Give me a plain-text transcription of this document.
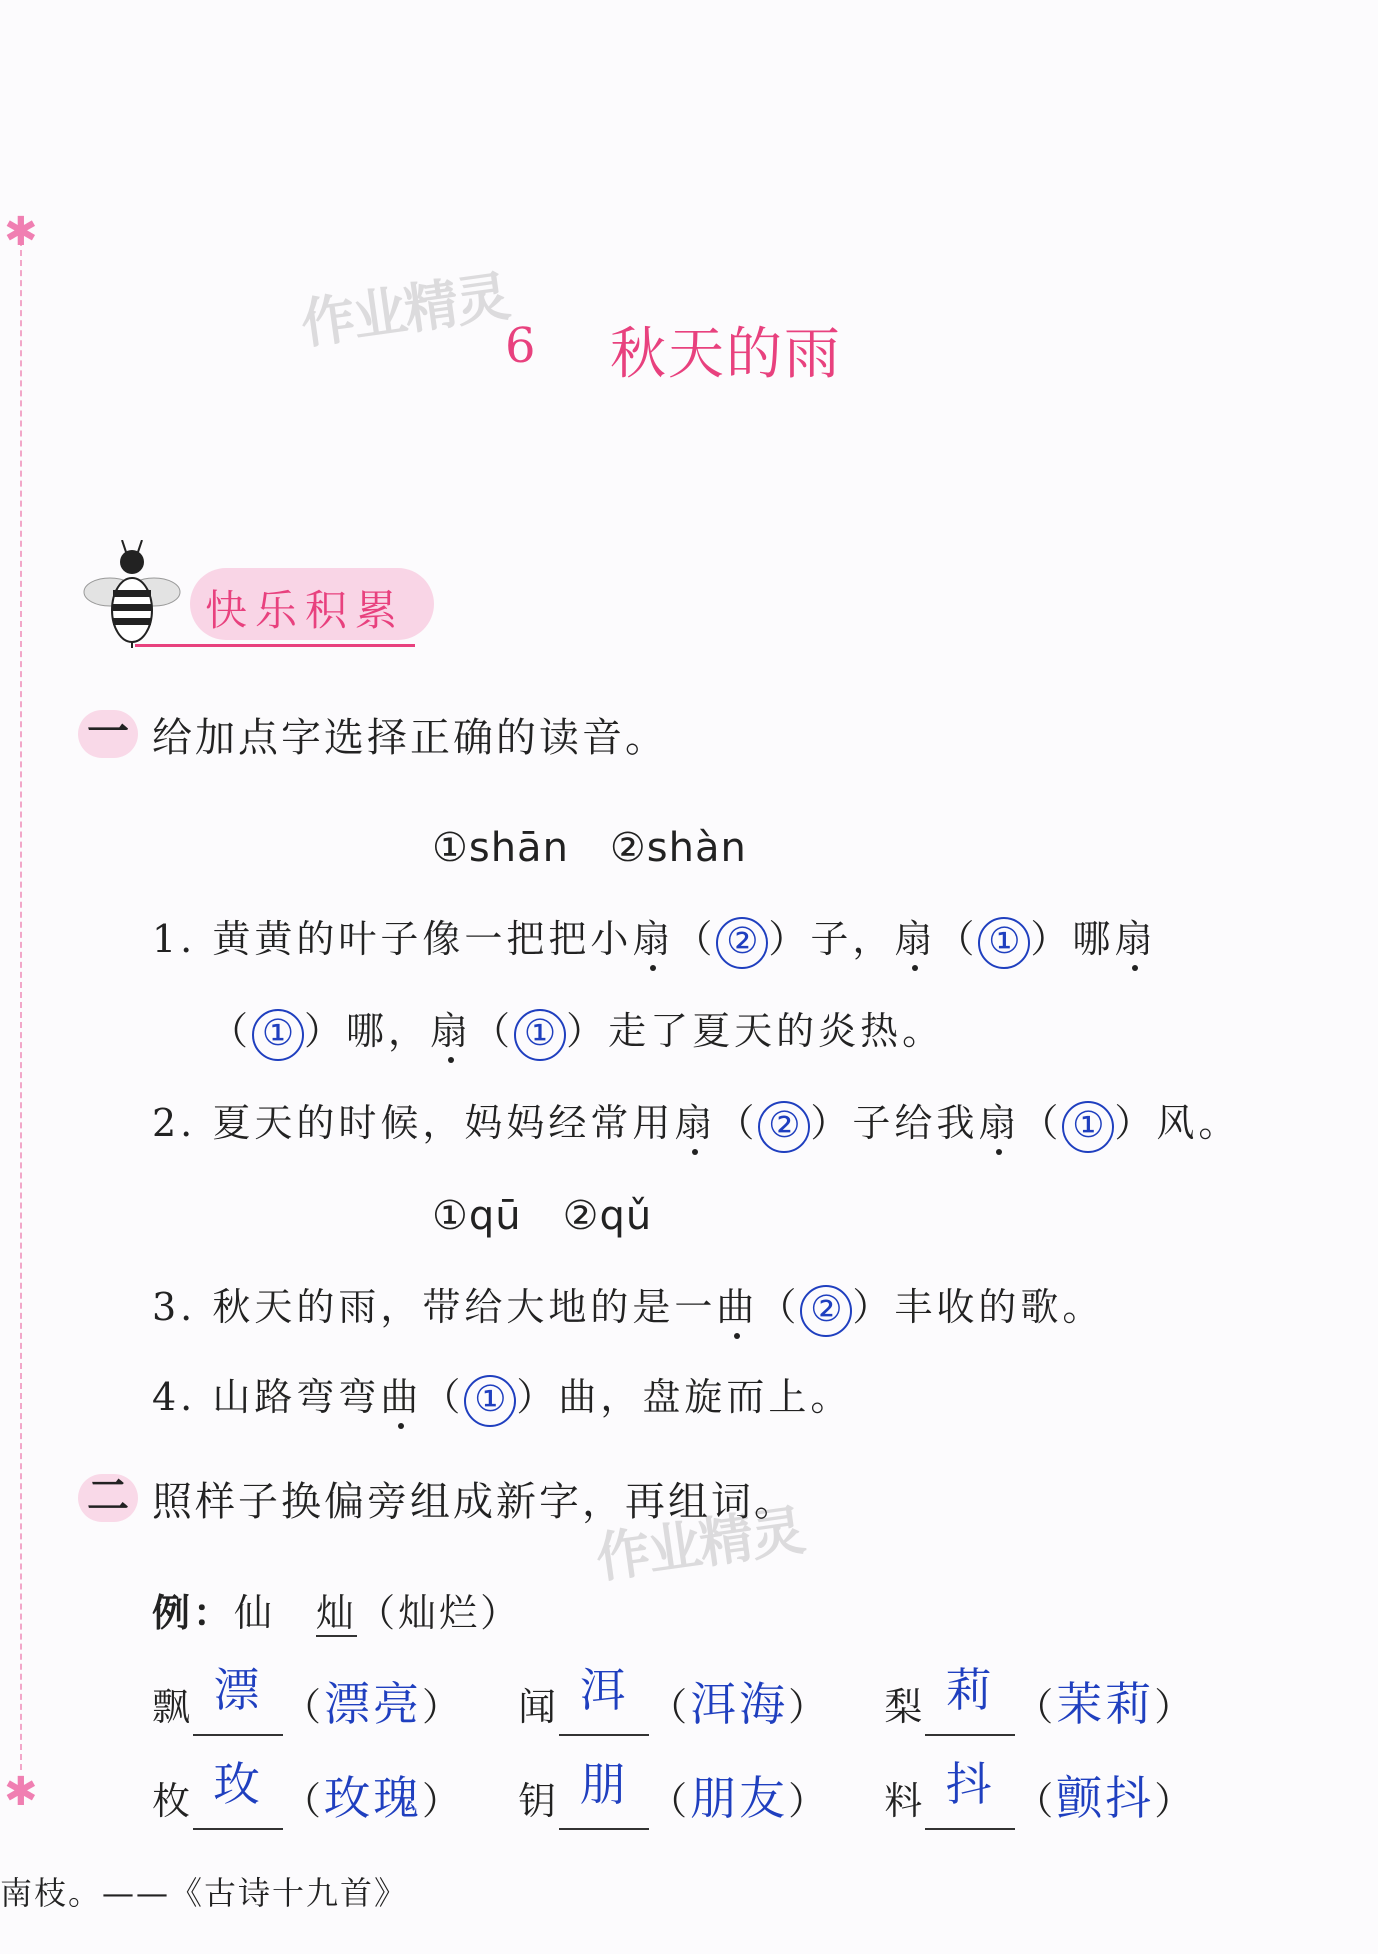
✱
✱
作业精灵
作业精灵
6 秋天的雨
快乐积累
一 给加点字选择正确的读音。
①shān　②shàn
1. 黄黄的叶子像一把把小扇（ ② ）子，扇（ ① ）哪扇
（ ① ）哪，扇（ ① ）走了夏天的炎热。
2. 夏天的时候，妈妈经常用扇（ ② ）子给我扇（ ① ）风。
①qū　②qǔ
3. 秋天的雨，带给大地的是一曲（ ② ）丰收的歌。
4. 山路弯弯曲（ ① ）曲，盘旋而上。
二 照样子换偏旁组成新字，再组词。
例：仙　 灿（灿烂）
飘 漂 （漂亮） 闻 洱 （洱海） 梨 莉 （茉莉）
枚 玫 （玫瑰） 钥 朋 （朋友） 料 抖 （颤抖）
南枝。——《古诗十九首》
